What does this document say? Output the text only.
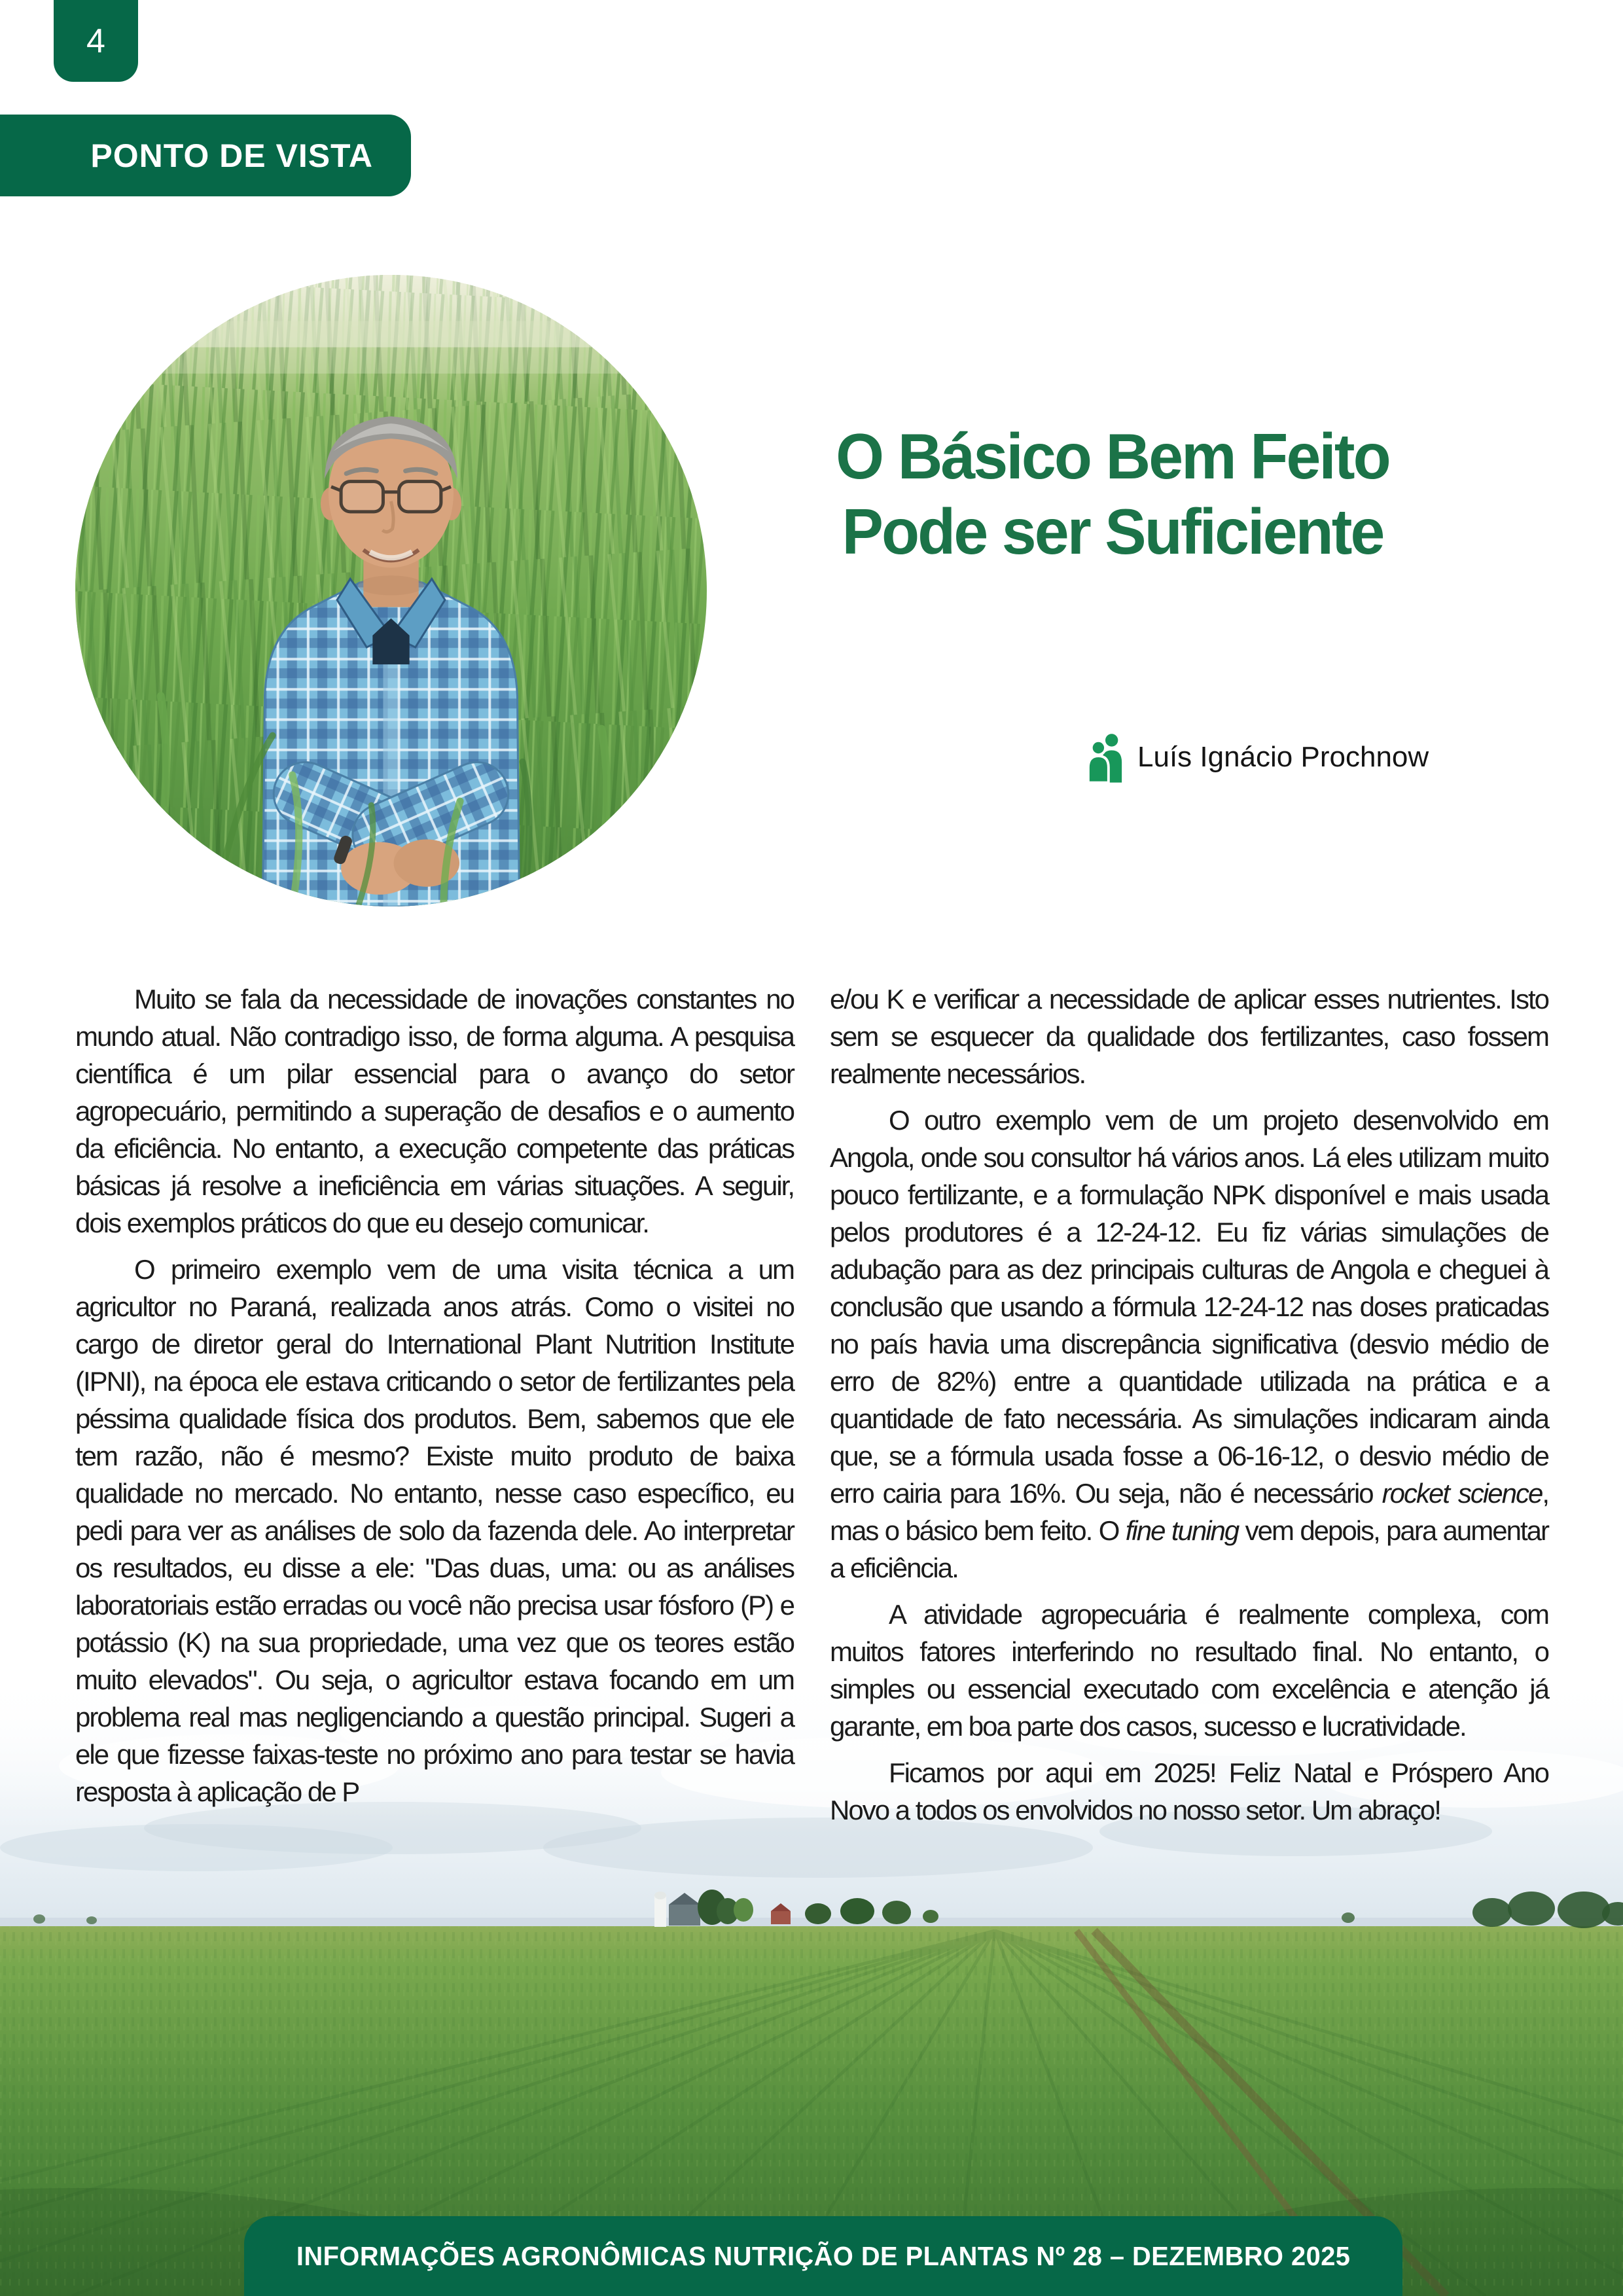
4
PONTO DE VISTA
O Básico Bem Feito
Pode ser Suficiente
Luís Ignácio Prochnow

Muito se fala da necessidade de inovações constantes no mundo atual. Não contradigo isso, de forma alguma. A pesquisa científica é um pilar essencial para o avanço do setor agropecuário, permitindo a superação de desafios e o aumento da eficiência. No entanto, a execução competente das práticas básicas já resolve a ineficiência em várias situações. A seguir, dois exemplos práticos do que eu desejo comunicar.

O primeiro exemplo vem de uma visita técnica a um agricultor no Paraná, realizada anos atrás. Como o visitei no cargo de diretor geral do International Plant Nutrition Institute (IPNI), na época ele estava criticando o setor de fertilizantes pela péssima qualidade física dos produtos. Bem, sabemos que ele tem razão, não é mesmo? Existe muito produto de baixa qualidade no mercado. No entanto, nesse caso específico, eu pedi para ver as análises de solo da fazenda dele. Ao interpretar os resultados, eu disse a ele: "Das duas, uma: ou as análises laboratoriais estão erradas ou você não precisa usar fósforo (P) e potássio (K) na sua propriedade, uma vez que os teores estão muito elevados". Ou seja, o agricultor estava focando em um problema real mas negligenciando a questão principal. Sugeri a ele que fizesse faixas-teste no próximo ano para testar se havia resposta à aplicação de P

e/ou K e verificar a necessidade de aplicar esses nutrientes. Isto sem se esquecer da qualidade dos fertilizantes, caso fossem realmente necessários.

O outro exemplo vem de um projeto desenvolvido em Angola, onde sou consultor há vários anos. Lá eles utilizam muito pouco fertilizante, e a formulação NPK disponível e mais usada pelos produtores é a 12-24-12. Eu fiz várias simulações de adubação para as dez principais culturas de Angola e cheguei à conclusão que usando a fórmula 12-24-12 nas doses praticadas no país havia uma discrepância significativa (desvio médio de erro de 82%) entre a quantidade utilizada na prática e a quantidade de fato necessária. As simulações indicaram ainda que, se a fórmula usada fosse a 06-16-12, o desvio médio de erro cairia para 16%. Ou seja, não é necessário rocket science, mas o básico bem feito. O fine tuning vem depois, para aumentar a eficiência.

A atividade agropecuária é realmente complexa, com muitos fatores interferindo no resultado final. No entanto, o simples ou essencial executado com excelência e atenção já garante, em boa parte dos casos, sucesso e lucratividade.

Ficamos por aqui em 2025! Feliz Natal e Próspero Ano Novo a todos os envolvidos no nosso setor. Um abraço!

INFORMAÇÕES AGRONÔMICAS NUTRIÇÃO DE PLANTAS Nº 28 – DEZEMBRO 2025
